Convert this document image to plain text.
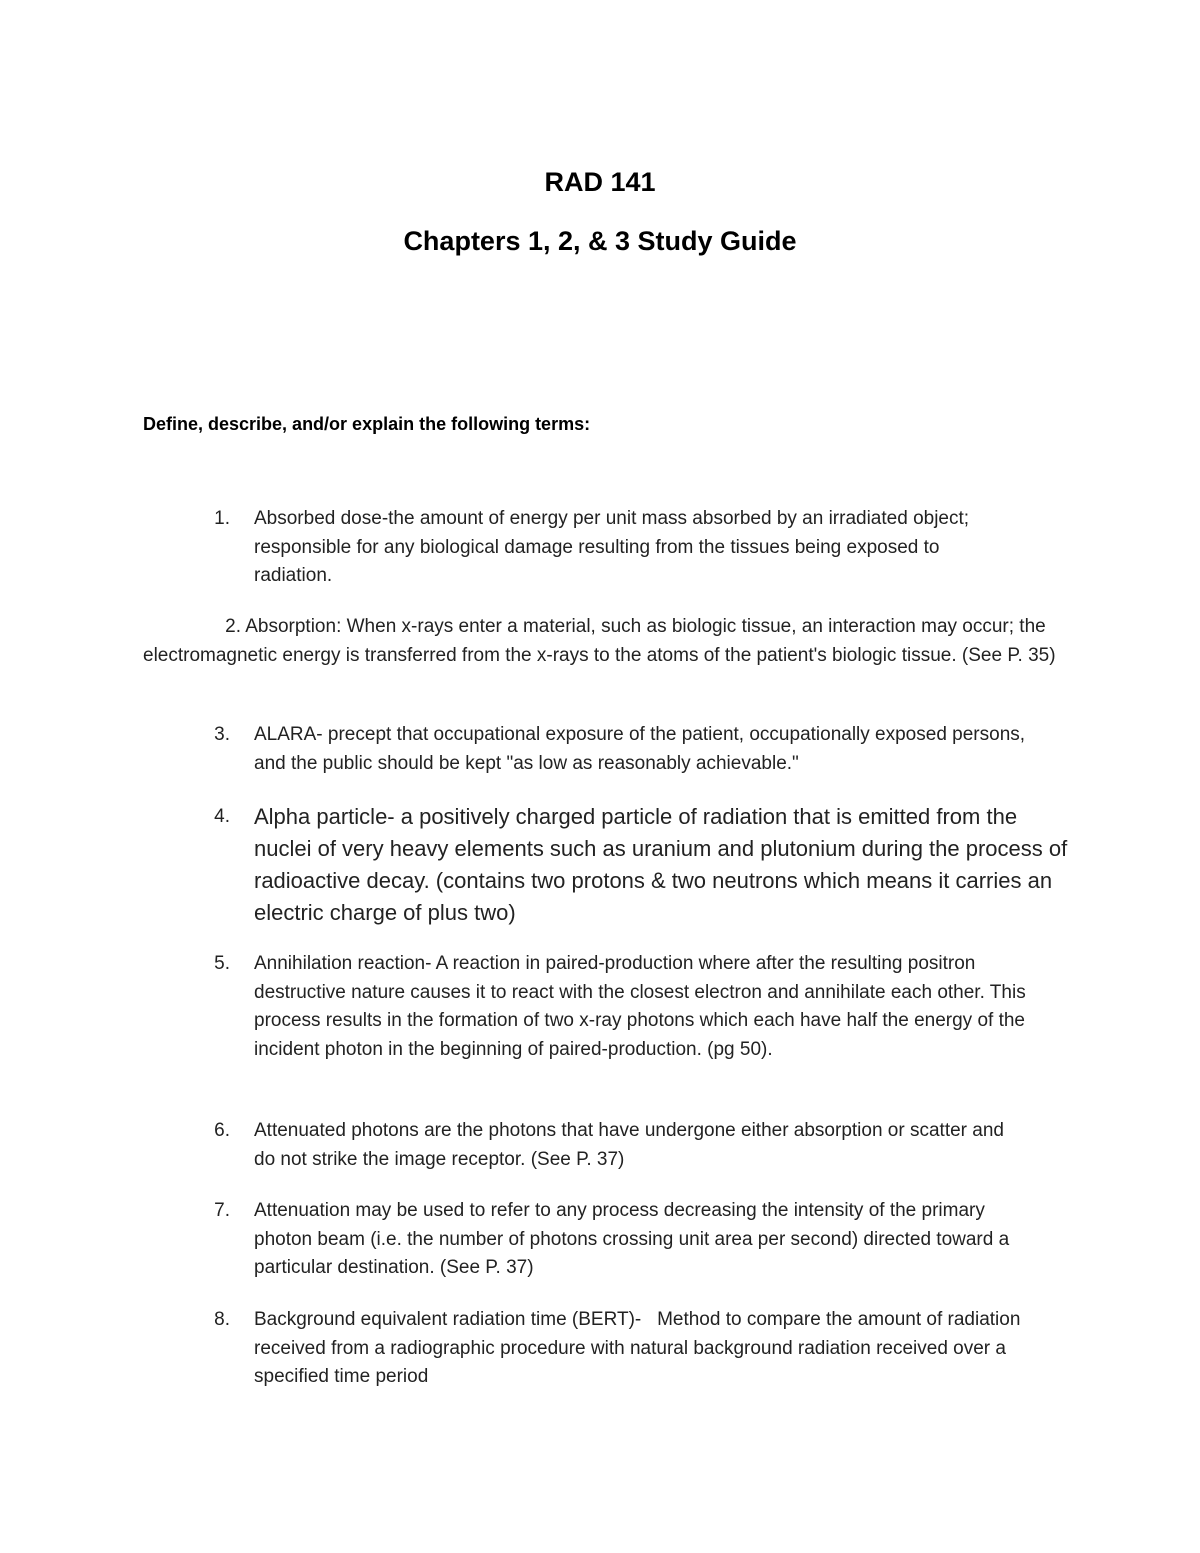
RAD 141
Chapters 1, 2, & 3 Study Guide
Define, describe, and/or explain the following terms:
1. Absorbed dose-the amount of energy per unit mass absorbed by an irradiated object; responsible for any biological damage resulting from the tissues being exposed to radiation.
2. Absorption: When x-rays enter a material, such as biologic tissue, an interaction may occur; the electromagnetic energy is transferred from the x-rays to the atoms of the patient's biologic tissue. (See P. 35)
3. ALARA- precept that occupational exposure of the patient, occupationally exposed persons, and the public should be kept "as low as reasonably achievable."
4. Alpha particle- a positively charged particle of radiation that is emitted from the nuclei of very heavy elements such as uranium and plutonium during the process of radioactive decay. (contains two protons & two neutrons which means it carries an electric charge of plus two)
5. Annihilation reaction- A reaction in paired-production where after the resulting positron destructive nature causes it to react with the closest electron and annihilate each other. This process results in the formation of two x-ray photons which each have half the energy of the incident photon in the beginning of paired-production. (pg 50).
6. Attenuated photons are the photons that have undergone either absorption or scatter and do not strike the image receptor. (See P. 37)
7. Attenuation may be used to refer to any process decreasing the intensity of the primary photon beam (i.e. the number of photons crossing unit area per second) directed toward a particular destination. (See P. 37)
8. Background equivalent radiation time (BERT)-   Method to compare the amount of radiation received from a radiographic procedure with natural background radiation received over a specified time period
